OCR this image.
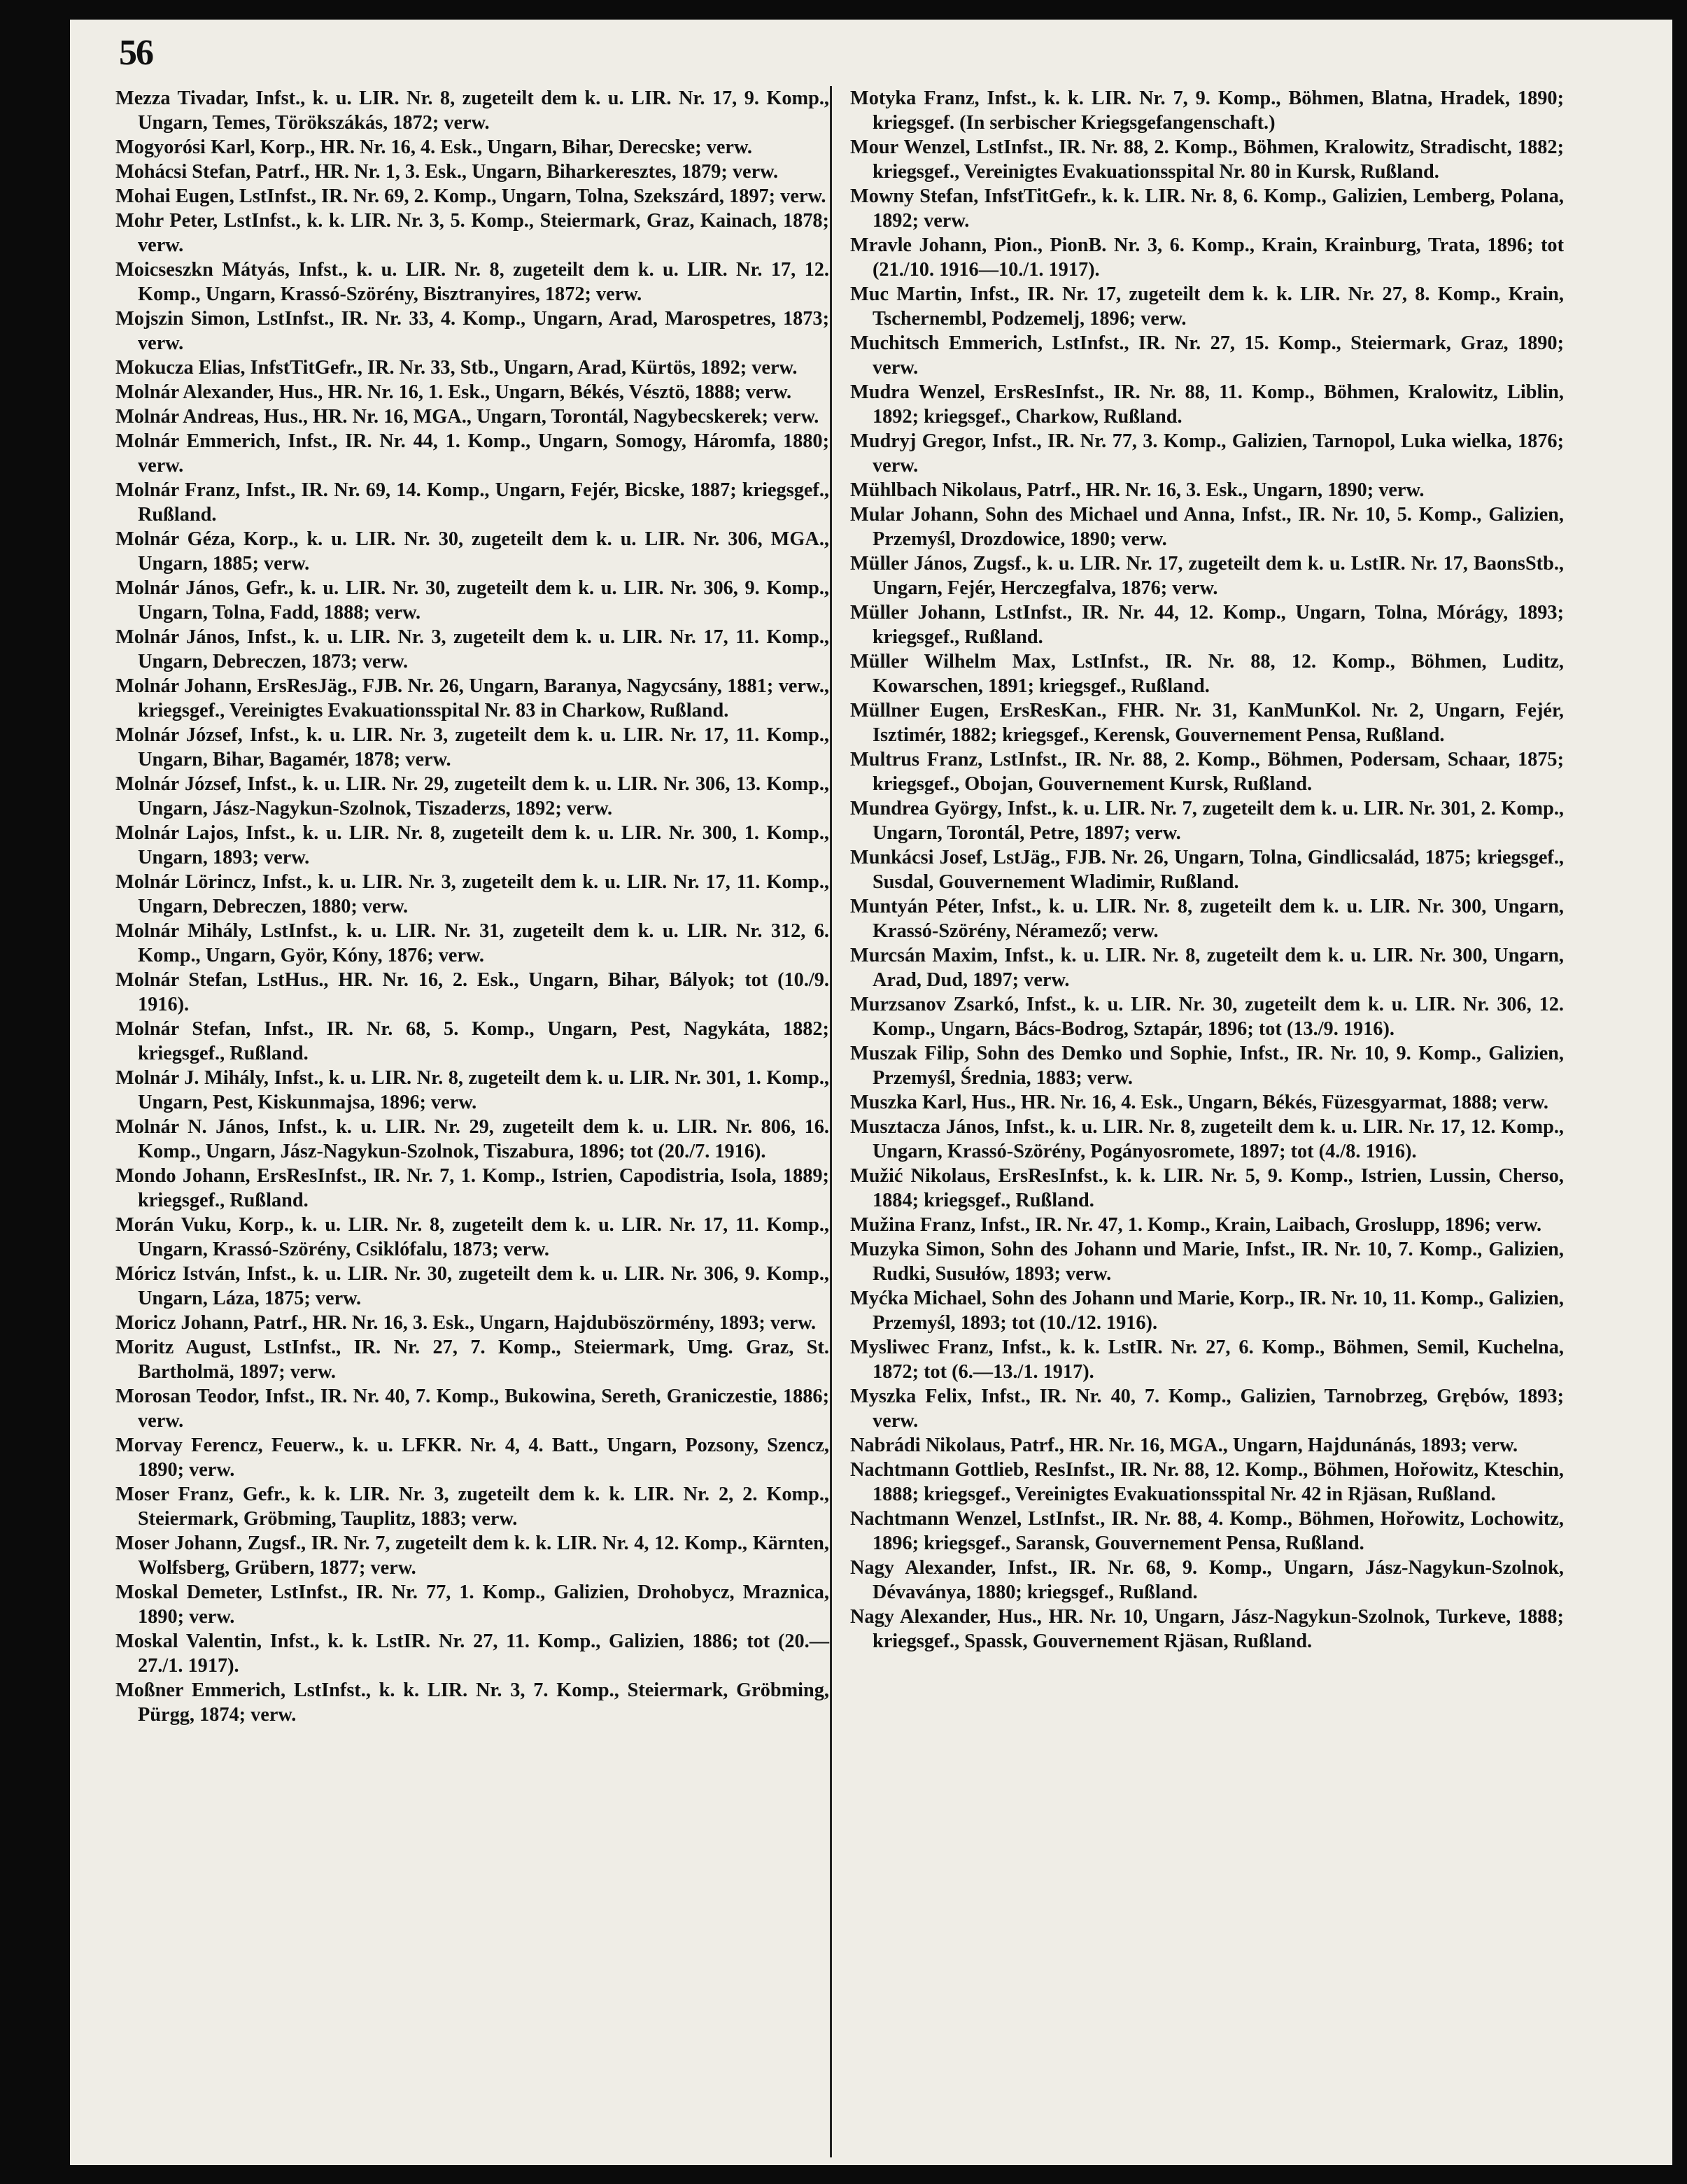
56

Mezza Tivadar, Infst., k. u. LIR. Nr. 8, zugeteilt dem k. u. LIR. Nr. 17, 9. Komp., Ungarn, Temes, Törökszákás, 1872; verw.

Mogyorósi Karl, Korp., HR. Nr. 16, 4. Esk., Ungarn, Bihar, Derecske; verw.

Mohácsi Stefan, Patrf., HR. Nr. 1, 3. Esk., Ungarn, Biharkeresztes, 1879; verw.

Mohai Eugen, LstInfst., IR. Nr. 69, 2. Komp., Ungarn, Tolna, Szekszárd, 1897; verw.

Mohr Peter, LstInfst., k. k. LIR. Nr. 3, 5. Komp., Steiermark, Graz, Kainach, 1878; verw.

Moicseszkn Mátyás, Infst., k. u. LIR. Nr. 8, zugeteilt dem k. u. LIR. Nr. 17, 12. Komp., Ungarn, Krassó-Szörény, Bisztranyires, 1872; verw.

Mojszin Simon, LstInfst., IR. Nr. 33, 4. Komp., Ungarn, Arad, Marospetres, 1873; verw.

Mokucza Elias, InfstTitGefr., IR. Nr. 33, Stb., Ungarn, Arad, Kürtös, 1892; verw.

Molnár Alexander, Hus., HR. Nr. 16, 1. Esk., Ungarn, Békés, Vésztö, 1888; verw.

Molnár Andreas, Hus., HR. Nr. 16, MGA., Ungarn, Torontál, Nagybecskerek; verw.

Molnár Emmerich, Infst., IR. Nr. 44, 1. Komp., Ungarn, Somogy, Háromfa, 1880; verw.

Molnár Franz, Infst., IR. Nr. 69, 14. Komp., Ungarn, Fejér, Bicske, 1887; kriegsgef., Rußland.

Molnár Géza, Korp., k. u. LIR. Nr. 30, zugeteilt dem k. u. LIR. Nr. 306, MGA., Ungarn, 1885; verw.

Molnár János, Gefr., k. u. LIR. Nr. 30, zugeteilt dem k. u. LIR. Nr. 306, 9. Komp., Ungarn, Tolna, Fadd, 1888; verw.

Molnár János, Infst., k. u. LIR. Nr. 3, zugeteilt dem k. u. LIR. Nr. 17, 11. Komp., Ungarn, Debreczen, 1873; verw.

Molnár Johann, ErsResJäg., FJB. Nr. 26, Ungarn, Baranya, Nagycsány, 1881; verw., kriegsgef., Vereinigtes Evakuationsspital Nr. 83 in Charkow, Rußland.

Molnár József, Infst., k. u. LIR. Nr. 3, zugeteilt dem k. u. LIR. Nr. 17, 11. Komp., Ungarn, Bihar, Bagamér, 1878; verw.

Molnár József, Infst., k. u. LIR. Nr. 29, zugeteilt dem k. u. LIR. Nr. 306, 13. Komp., Ungarn, Jász-Nagykun-Szolnok, Tiszaderzs, 1892; verw.

Molnár Lajos, Infst., k. u. LIR. Nr. 8, zugeteilt dem k. u. LIR. Nr. 300, 1. Komp., Ungarn, 1893; verw.

Molnár Lörincz, Infst., k. u. LIR. Nr. 3, zugeteilt dem k. u. LIR. Nr. 17, 11. Komp., Ungarn, Debreczen, 1880; verw.

Molnár Mihály, LstInfst., k. u. LIR. Nr. 31, zugeteilt dem k. u. LIR. Nr. 312, 6. Komp., Ungarn, Györ, Kóny, 1876; verw.

Molnár Stefan, LstHus., HR. Nr. 16, 2. Esk., Ungarn, Bihar, Bályok; tot (10./9. 1916).

Molnár Stefan, Infst., IR. Nr. 68, 5. Komp., Ungarn, Pest, Nagykáta, 1882; kriegsgef., Rußland.

Molnár J. Mihály, Infst., k. u. LIR. Nr. 8, zugeteilt dem k. u. LIR. Nr. 301, 1. Komp., Ungarn, Pest, Kiskunmajsa, 1896; verw.

Molnár N. János, Infst., k. u. LIR. Nr. 29, zugeteilt dem k. u. LIR. Nr. 806, 16. Komp., Ungarn, Jász-Nagykun-Szolnok, Tiszabura, 1896; tot (20./7. 1916).

Mondo Johann, ErsResInfst., IR. Nr. 7, 1. Komp., Istrien, Capodistria, Isola, 1889; kriegsgef., Rußland.

Morán Vuku, Korp., k. u. LIR. Nr. 8, zugeteilt dem k. u. LIR. Nr. 17, 11. Komp., Ungarn, Krassó-Szörény, Csiklófalu, 1873; verw.

Móricz István, Infst., k. u. LIR. Nr. 30, zugeteilt dem k. u. LIR. Nr. 306, 9. Komp., Ungarn, Láza, 1875; verw.

Moricz Johann, Patrf., HR. Nr. 16, 3. Esk., Ungarn, Hajduböszörmény, 1893; verw.

Moritz August, LstInfst., IR. Nr. 27, 7. Komp., Steiermark, Umg. Graz, St. Bartholmä, 1897; verw.

Morosan Teodor, Infst., IR. Nr. 40, 7. Komp., Bukowina, Sereth, Graniczestie, 1886; verw.

Morvay Ferencz, Feuerw., k. u. LFKR. Nr. 4, 4. Batt., Ungarn, Pozsony, Szencz, 1890; verw.

Moser Franz, Gefr., k. k. LIR. Nr. 3, zugeteilt dem k. k. LIR. Nr. 2, 2. Komp., Steiermark, Gröbming, Tauplitz, 1883; verw.

Moser Johann, Zugsf., IR. Nr. 7, zugeteilt dem k. k. LIR. Nr. 4, 12. Komp., Kärnten, Wolfsberg, Grübern, 1877; verw.

Moskal Demeter, LstInfst., IR. Nr. 77, 1. Komp., Galizien, Drohobycz, Mraznica, 1890; verw.

Moskal Valentin, Infst., k. k. LstIR. Nr. 27, 11. Komp., Galizien, 1886; tot (20.—27./1. 1917).

Moßner Emmerich, LstInfst., k. k. LIR. Nr. 3, 7. Komp., Steiermark, Gröbming, Pürgg, 1874; verw.

Motyka Franz, Infst., k. k. LIR. Nr. 7, 9. Komp., Böhmen, Blatna, Hradek, 1890; kriegsgef. (In serbischer Kriegsgefangenschaft.)

Mour Wenzel, LstInfst., IR. Nr. 88, 2. Komp., Böhmen, Kralowitz, Stradischt, 1882; kriegsgef., Vereinigtes Evakuationsspital Nr. 80 in Kursk, Rußland.

Mowny Stefan, InfstTitGefr., k. k. LIR. Nr. 8, 6. Komp., Galizien, Lemberg, Polana, 1892; verw.

Mravle Johann, Pion., PionB. Nr. 3, 6. Komp., Krain, Krainburg, Trata, 1896; tot (21./10. 1916—10./1. 1917).

Muc Martin, Infst., IR. Nr. 17, zugeteilt dem k. k. LIR. Nr. 27, 8. Komp., Krain, Tschernembl, Podzemelj, 1896; verw.

Muchitsch Emmerich, LstInfst., IR. Nr. 27, 15. Komp., Steiermark, Graz, 1890; verw.

Mudra Wenzel, ErsResInfst., IR. Nr. 88, 11. Komp., Böhmen, Kralowitz, Liblin, 1892; kriegsgef., Charkow, Rußland.

Mudryj Gregor, Infst., IR. Nr. 77, 3. Komp., Galizien, Tarnopol, Luka wielka, 1876; verw.

Mühlbach Nikolaus, Patrf., HR. Nr. 16, 3. Esk., Ungarn, 1890; verw.

Mular Johann, Sohn des Michael und Anna, Infst., IR. Nr. 10, 5. Komp., Galizien, Przemyśl, Drozdowice, 1890; verw.

Müller János, Zugsf., k. u. LIR. Nr. 17, zugeteilt dem k. u. LstIR. Nr. 17, BaonsStb., Ungarn, Fejér, Herczegfalva, 1876; verw.

Müller Johann, LstInfst., IR. Nr. 44, 12. Komp., Ungarn, Tolna, Mórágy, 1893; kriegsgef., Rußland.

Müller Wilhelm Max, LstInfst., IR. Nr. 88, 12. Komp., Böhmen, Luditz, Kowarschen, 1891; kriegsgef., Rußland.

Müllner Eugen, ErsResKan., FHR. Nr. 31, KanMunKol. Nr. 2, Ungarn, Fejér, Isztimér, 1882; kriegsgef., Kerensk, Gouvernement Pensa, Rußland.

Multrus Franz, LstInfst., IR. Nr. 88, 2. Komp., Böhmen, Podersam, Schaar, 1875; kriegsgef., Obojan, Gouvernement Kursk, Rußland.

Mundrea György, Infst., k. u. LIR. Nr. 7, zugeteilt dem k. u. LIR. Nr. 301, 2. Komp., Ungarn, Torontál, Petre, 1897; verw.

Munkácsi Josef, LstJäg., FJB. Nr. 26, Ungarn, Tolna, Gindlicsalád, 1875; kriegsgef., Susdal, Gouvernement Wladimir, Rußland.

Muntyán Péter, Infst., k. u. LIR. Nr. 8, zugeteilt dem k. u. LIR. Nr. 300, Ungarn, Krassó-Szörény, Néramező; verw.

Murcsán Maxim, Infst., k. u. LIR. Nr. 8, zugeteilt dem k. u. LIR. Nr. 300, Ungarn, Arad, Dud, 1897; verw.

Murzsanov Zsarkó, Infst., k. u. LIR. Nr. 30, zugeteilt dem k. u. LIR. Nr. 306, 12. Komp., Ungarn, Bács-Bodrog, Sztapár, 1896; tot (13./9. 1916).

Muszak Filip, Sohn des Demko und Sophie, Infst., IR. Nr. 10, 9. Komp., Galizien, Przemyśl, Średnia, 1883; verw.

Muszka Karl, Hus., HR. Nr. 16, 4. Esk., Ungarn, Békés, Füzesgyarmat, 1888; verw.

Musztacza János, Infst., k. u. LIR. Nr. 8, zugeteilt dem k. u. LIR. Nr. 17, 12. Komp., Ungarn, Krassó-Szörény, Pogányosromete, 1897; tot (4./8. 1916).

Mužić Nikolaus, ErsResInfst., k. k. LIR. Nr. 5, 9. Komp., Istrien, Lussin, Cherso, 1884; kriegsgef., Rußland.

Mužina Franz, Infst., IR. Nr. 47, 1. Komp., Krain, Laibach, Groslupp, 1896; verw.

Muzyka Simon, Sohn des Johann und Marie, Infst., IR. Nr. 10, 7. Komp., Galizien, Rudki, Susułów, 1893; verw.

Myćka Michael, Sohn des Johann und Marie, Korp., IR. Nr. 10, 11. Komp., Galizien, Przemyśl, 1893; tot (10./12. 1916).

Mysliwec Franz, Infst., k. k. LstIR. Nr. 27, 6. Komp., Böhmen, Semil, Kuchelna, 1872; tot (6.—13./1. 1917).

Myszka Felix, Infst., IR. Nr. 40, 7. Komp., Galizien, Tarnobrzeg, Grębów, 1893; verw.

Nabrádi Nikolaus, Patrf., HR. Nr. 16, MGA., Ungarn, Hajdunánás, 1893; verw.

Nachtmann Gottlieb, ResInfst., IR. Nr. 88, 12. Komp., Böhmen, Hořowitz, Kteschin, 1888; kriegsgef., Vereinigtes Evakuationsspital Nr. 42 in Rjäsan, Rußland.

Nachtmann Wenzel, LstInfst., IR. Nr. 88, 4. Komp., Böhmen, Hořowitz, Lochowitz, 1896; kriegsgef., Saransk, Gouvernement Pensa, Rußland.

Nagy Alexander, Infst., IR. Nr. 68, 9. Komp., Ungarn, Jász-Nagykun-Szolnok, Dévaványa, 1880; kriegsgef., Rußland.

Nagy Alexander, Hus., HR. Nr. 10, Ungarn, Jász-Nagykun-Szolnok, Turkeve, 1888; kriegsgef., Spassk, Gouvernement Rjäsan, Rußland.
